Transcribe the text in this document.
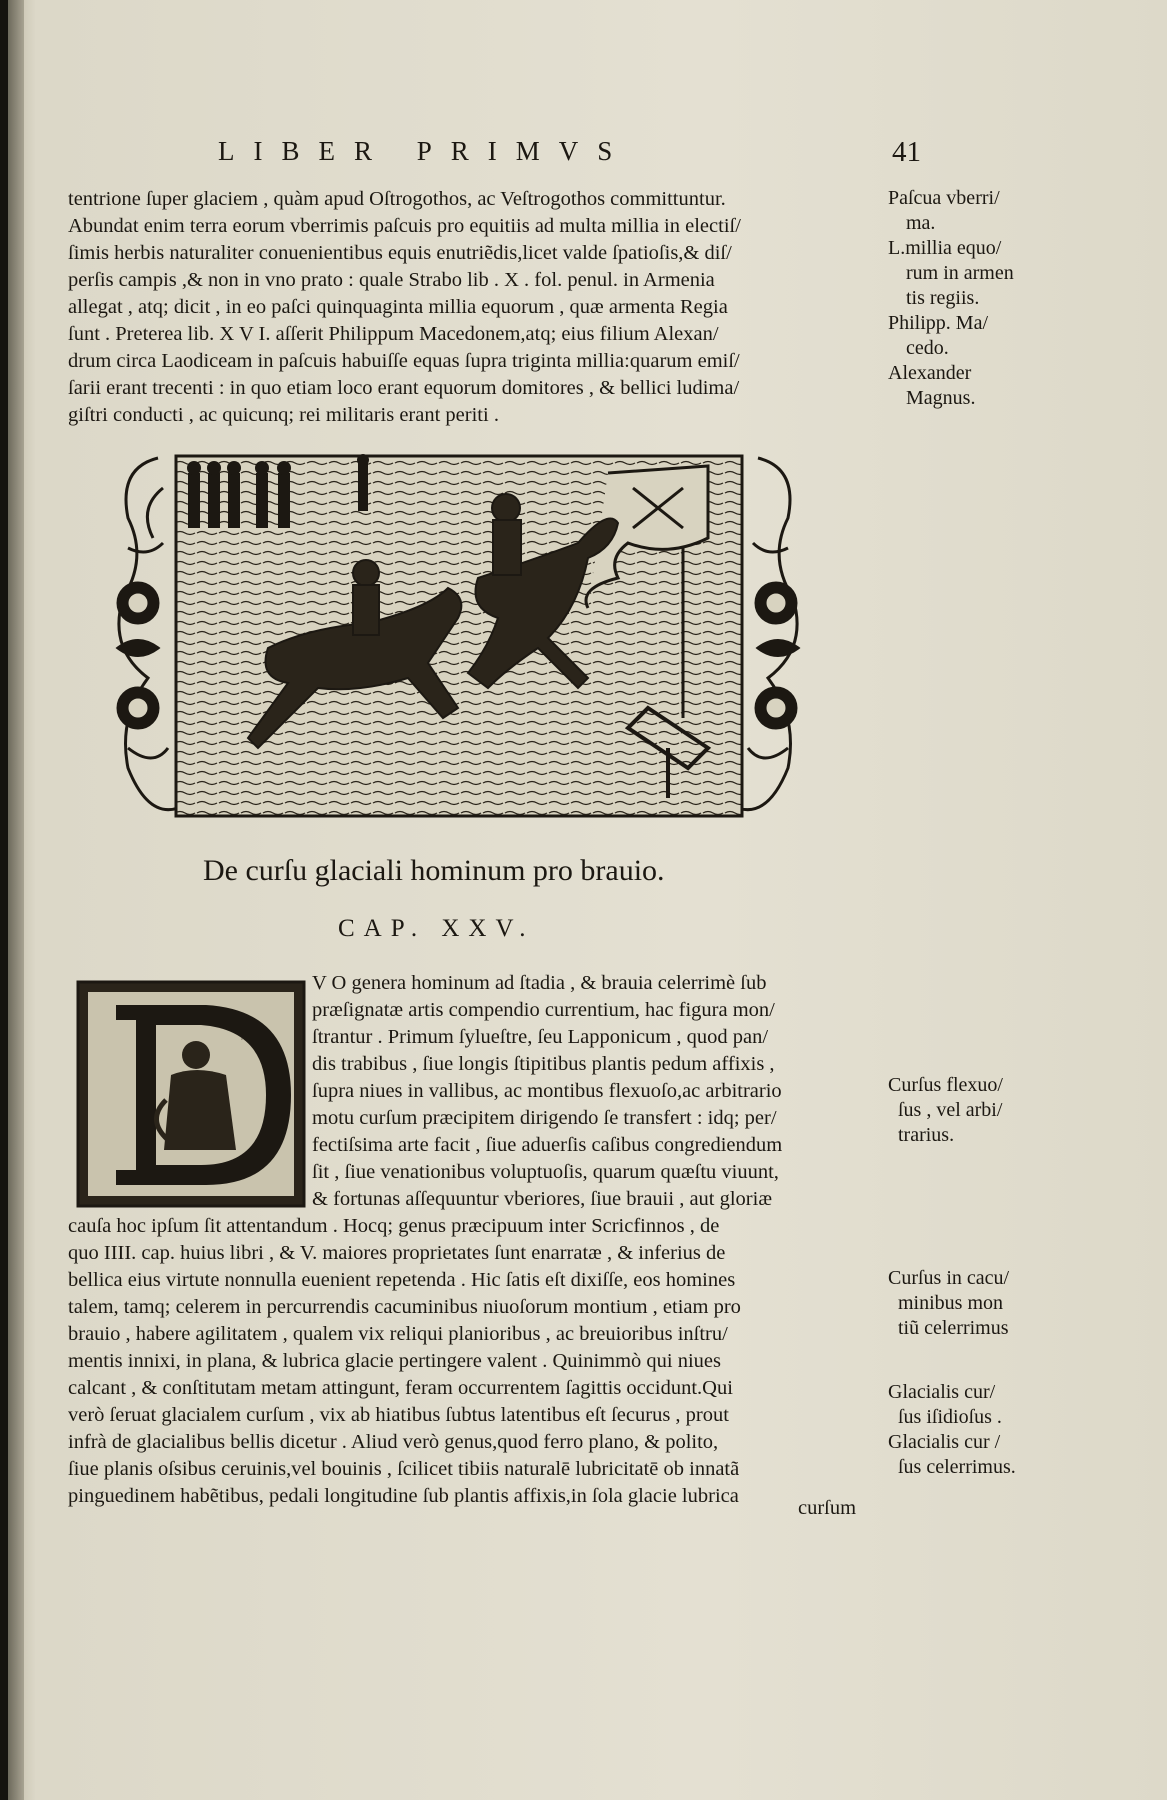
LIBER PRIMVS	41
tentrione ſuper glaciem , quàm apud Oſtrogothos, ac Veſtrogothos committuntur.
Abundat enim terra eorum vberrimis paſcuis pro equitiis ad multa millia in electiſ/
ſimis herbis naturaliter conuenientibus equis enutriẽdis,licet valde ſpatioſis,& diſ/
perſis campis ,& non in vno prato : quale Strabo lib . X . fol. penul. in Armenia
allegat , atq; dicit , in eo paſci quinquaginta millia equorum , quæ armenta Regia
ſunt . Preterea lib. X V I. aſſerit Philippum Macedonem,atq; eius filium Alexan/
drum circa Laodiceam in paſcuis habuiſſe equas ſupra triginta millia:quarum emiſ/
ſarii erant trecenti : in quo etiam loco erant equorum domitores , & bellici ludima/
giſtri conducti , ac quicunq; rei militaris erant periti .
Paſcua vberri/
ma.
L.millia equo/
rum in armen
tis regiis.
Philipp. Ma/
cedo.
Alexander
Magnus.
De curſu glaciali hominum pro brauio.
CAP. XXV.
D
V O genera hominum ad ſtadia , & brauia celerrimè ſub
præſignatæ artis compendio currentium, hac figura mon/
ſtrantur . Primum ſylueſtre, ſeu Lapponicum , quod pan/
dis trabibus , ſiue longis ſtipitibus plantis pedum affixis ,
ſupra niues in vallibus, ac montibus flexuoſo,ac arbitrario
motu curſum præcipitem dirigendo ſe transfert : idq; per/
fectiſsima arte facit , ſiue aduerſis caſibus congrediendum
ſit , ſiue venationibus voluptuoſis, quarum quæſtu viuunt,
& fortunas aſſequuntur vberiores, ſiue brauii , aut gloriæ
cauſa hoc ipſum ſit attentandum . Hocq; genus præcipuum inter Scricfinnos , de
quo IIII. cap. huius libri , & V. maiores proprietates ſunt enarratæ , & inferius de
bellica eius virtute nonnulla euenient repetenda . Hic ſatis eſt dixiſſe, eos homines
talem, tamq; celerem in percurrendis cacuminibus niuoſorum montium , etiam pro
brauio , habere agilitatem , qualem vix reliqui planioribus , ac breuioribus inſtru/
mentis innixi, in plana, & lubrica glacie pertingere valent . Quinimmò qui niues
calcant , & conſtitutam metam attingunt, feram occurrentem ſagittis occidunt.Qui
verò ſeruat glacialem curſum , vix ab hiatibus ſubtus latentibus eſt ſecurus , prout
infrà de glacialibus bellis dicetur . Aliud verò genus,quod ferro plano, & polito,
ſiue planis oſsibus ceruinis,vel bouinis , ſcilicet tibiis naturalē lubricitatē ob innatã
pinguedinem habẽtibus, pedali longitudine ſub plantis affixis,in ſola glacie lubrica
curſum
Curſus flexuo/
ſus , vel arbi/
trarius.
Curſus in cacu/
minibus mon
tiũ celerrimus
Glacialis cur/
ſus iſidioſus .
Glacialis cur /
ſus celerrimus.
